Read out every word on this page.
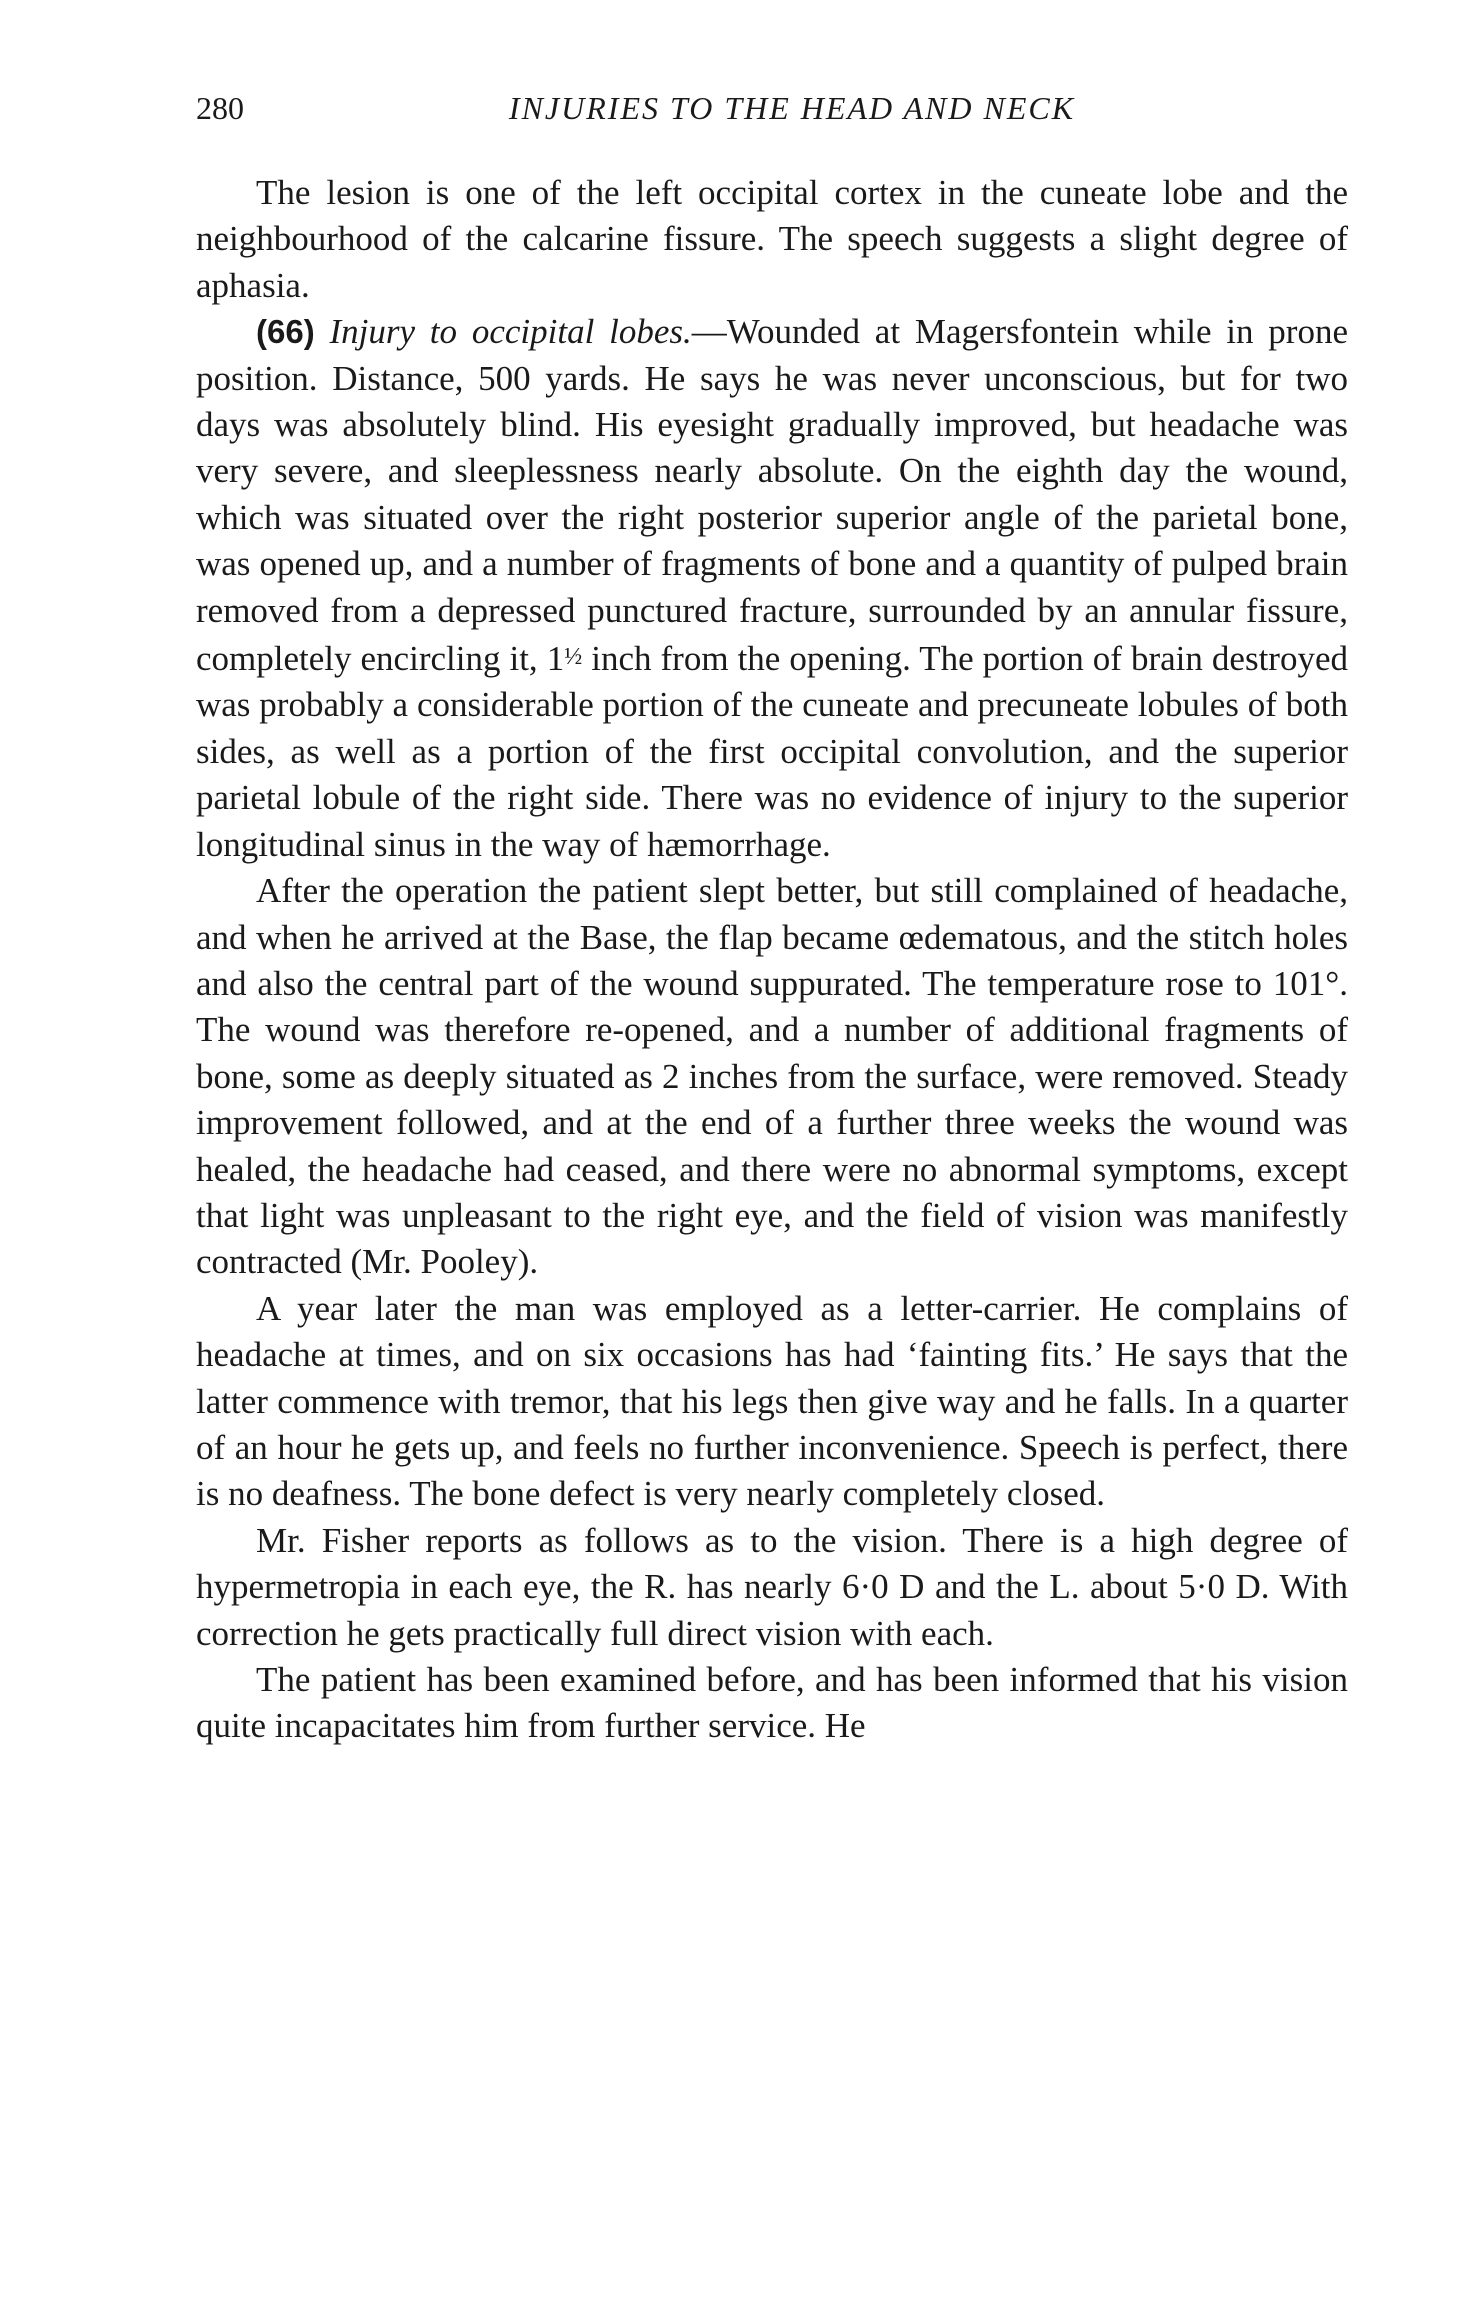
280	INJURIES TO THE HEAD AND NECK

The lesion is one of the left occipital cortex in the cuneate lobe and the neighbourhood of the calcarine fissure. The speech suggests a slight degree of aphasia.

(66) Injury to occipital lobes.—Wounded at Magersfontein while in prone position. Distance, 500 yards. He says he was never unconscious, but for two days was absolutely blind. His eyesight gradually improved, but headache was very severe, and sleeplessness nearly absolute. On the eighth day the wound, which was situated over the right posterior superior angle of the parietal bone, was opened up, and a number of fragments of bone and a quantity of pulped brain removed from a depressed punctured fracture, surrounded by an annular fissure, completely encircling it, 1½ inch from the opening. The portion of brain destroyed was probably a considerable portion of the cuneate and precuneate lobules of both sides, as well as a portion of the first occipital convolution, and the superior parietal lobule of the right side. There was no evidence of injury to the superior longitudinal sinus in the way of hæmorrhage.

After the operation the patient slept better, but still complained of headache, and when he arrived at the Base, the flap became œdematous, and the stitch holes and also the central part of the wound suppurated. The temperature rose to 101°. The wound was therefore re-opened, and a number of additional fragments of bone, some as deeply situated as 2 inches from the surface, were removed. Steady improvement followed, and at the end of a further three weeks the wound was healed, the headache had ceased, and there were no abnormal symptoms, except that light was unpleasant to the right eye, and the field of vision was manifestly contracted (Mr. Pooley).

A year later the man was employed as a letter-carrier. He complains of headache at times, and on six occasions has had ‘fainting fits.’ He says that the latter commence with tremor, that his legs then give way and he falls. In a quarter of an hour he gets up, and feels no further inconvenience. Speech is perfect, there is no deafness. The bone defect is very nearly completely closed.

Mr. Fisher reports as follows as to the vision. There is a high degree of hypermetropia in each eye, the R. has nearly 6·0 D and the L. about 5·0 D. With correction he gets practically full direct vision with each.

The patient has been examined before, and has been informed that his vision quite incapacitates him from further service. He
